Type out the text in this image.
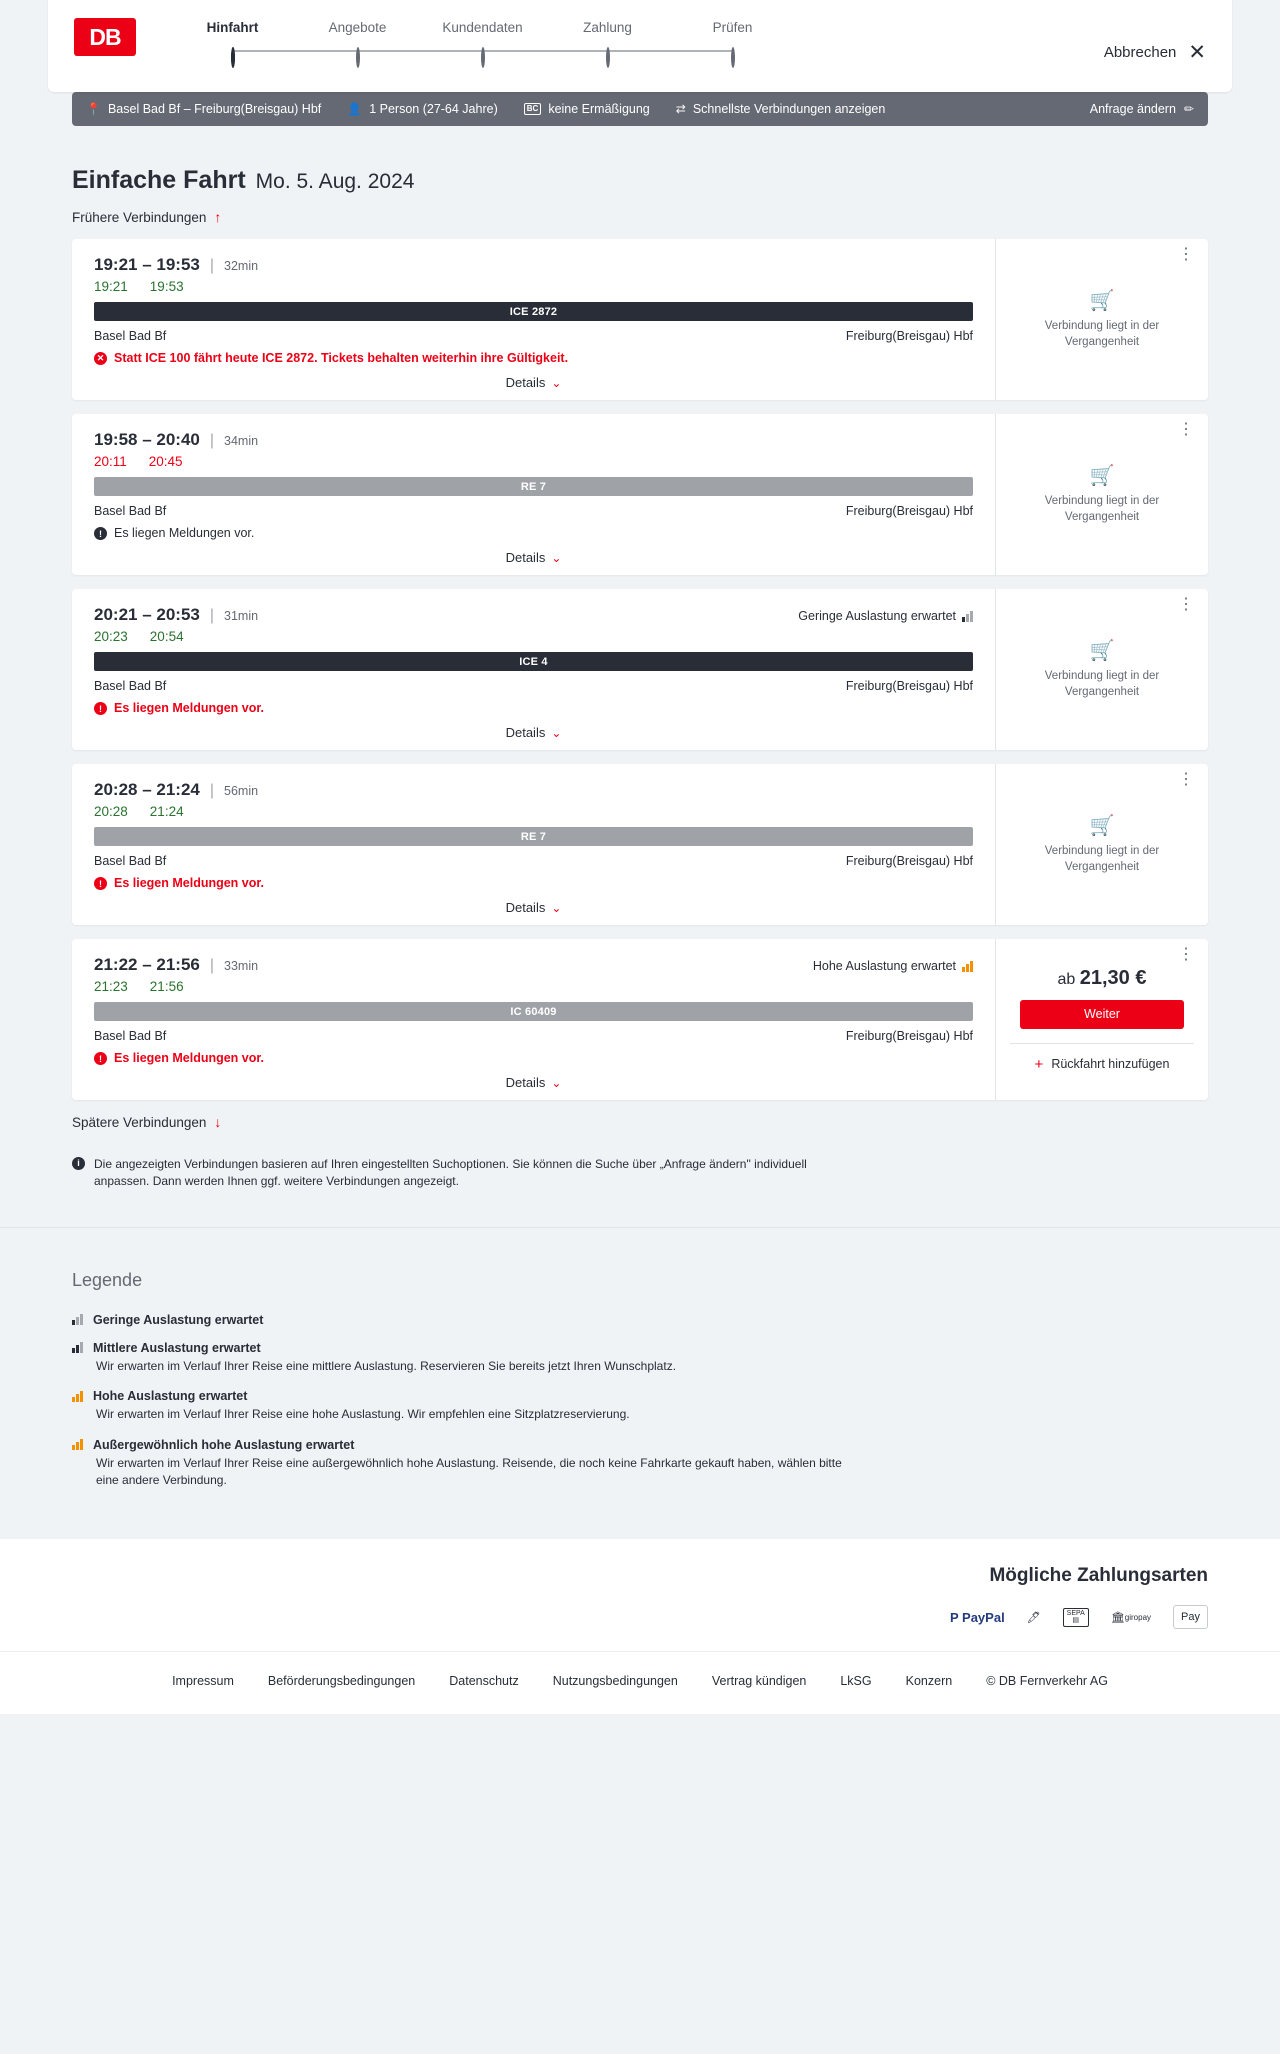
DB	Hinfahrt	Angebote	Kundendaten	Zahlung	Prüfen
Abbrechen ✕
📍 Basel Bad Bf – Freiburg(Breisgau) Hbf 👤 1 Person (27-64 Jahre)	BC keine Ermäßigung ⇄ Schnellste Verbindungen anzeigen	Anfrage ändern ✏
Einfache Fahrt Mo. 5. Aug. 2024
Frühere Verbindungen ↑
19:21 – 19:53 | 32min
19:21 19:53
ICE 2872
Basel Bad Bf	Freiburg(Breisgau) Hbf
✕ Statt ICE 100 fährt heute ICE 2872. Tickets behalten weiterhin ihre Gültigkeit.
Details ⌄
⋮
🛒
Verbindung liegt in der Vergangenheit
19:58 – 20:40 | 34min
20:11 20:45
RE 7
Basel Bad Bf	Freiburg(Breisgau) Hbf
! Es liegen Meldungen vor.
Details ⌄
⋮
🛒
Verbindung liegt in der Vergangenheit
20:21 – 20:53 | 31min	Geringe Auslastung erwartet
20:23 20:54
ICE 4
Basel Bad Bf	Freiburg(Breisgau) Hbf
! Es liegen Meldungen vor.
Details ⌄
⋮
🛒
Verbindung liegt in der Vergangenheit
20:28 – 21:24 | 56min
20:28 21:24
RE 7
Basel Bad Bf	Freiburg(Breisgau) Hbf
! Es liegen Meldungen vor.
Details ⌄
⋮
🛒
Verbindung liegt in der Vergangenheit
21:22 – 21:56 | 33min	Hohe Auslastung erwartet
21:23 21:56
IC 60409
Basel Bad Bf	Freiburg(Breisgau) Hbf
! Es liegen Meldungen vor.
Details ⌄
⋮
ab 21,30 €
Weiter
+ Rückfahrt hinzufügen
Spätere Verbindungen ↓
i	Die angezeigten Verbindungen basieren auf Ihren eingestellten Suchoptionen. Sie können die Suche über „Anfrage ändern" individuell anpassen. Dann werden Ihnen ggf. weitere Verbindungen angezeigt.
Legende
Geringe Auslastung erwartet
Mittlere Auslastung erwartet
Wir erwarten im Verlauf Ihrer Reise eine mittlere Auslastung. Reservieren Sie bereits jetzt Ihren Wunschplatz.
Hohe Auslastung erwartet
Wir erwarten im Verlauf Ihrer Reise eine hohe Auslastung. Wir empfehlen eine Sitzplatzreservierung.
Außergewöhnlich hohe Auslastung erwartet
Wir erwarten im Verlauf Ihrer Reise eine außergewöhnlich hohe Auslastung. Reisende, die noch keine Fahrkarte gekauft haben, wählen bitte eine andere Verbindung.
Mögliche Zahlungsarten
P PayPal 🖊	SEPA
▤	🏛 giropay	Pay
Impressum	Beförderungsbedingungen	Datenschutz	Nutzungsbedingungen	Vertrag kündigen	LkSG	Konzern	© DB Fernverkehr AG
